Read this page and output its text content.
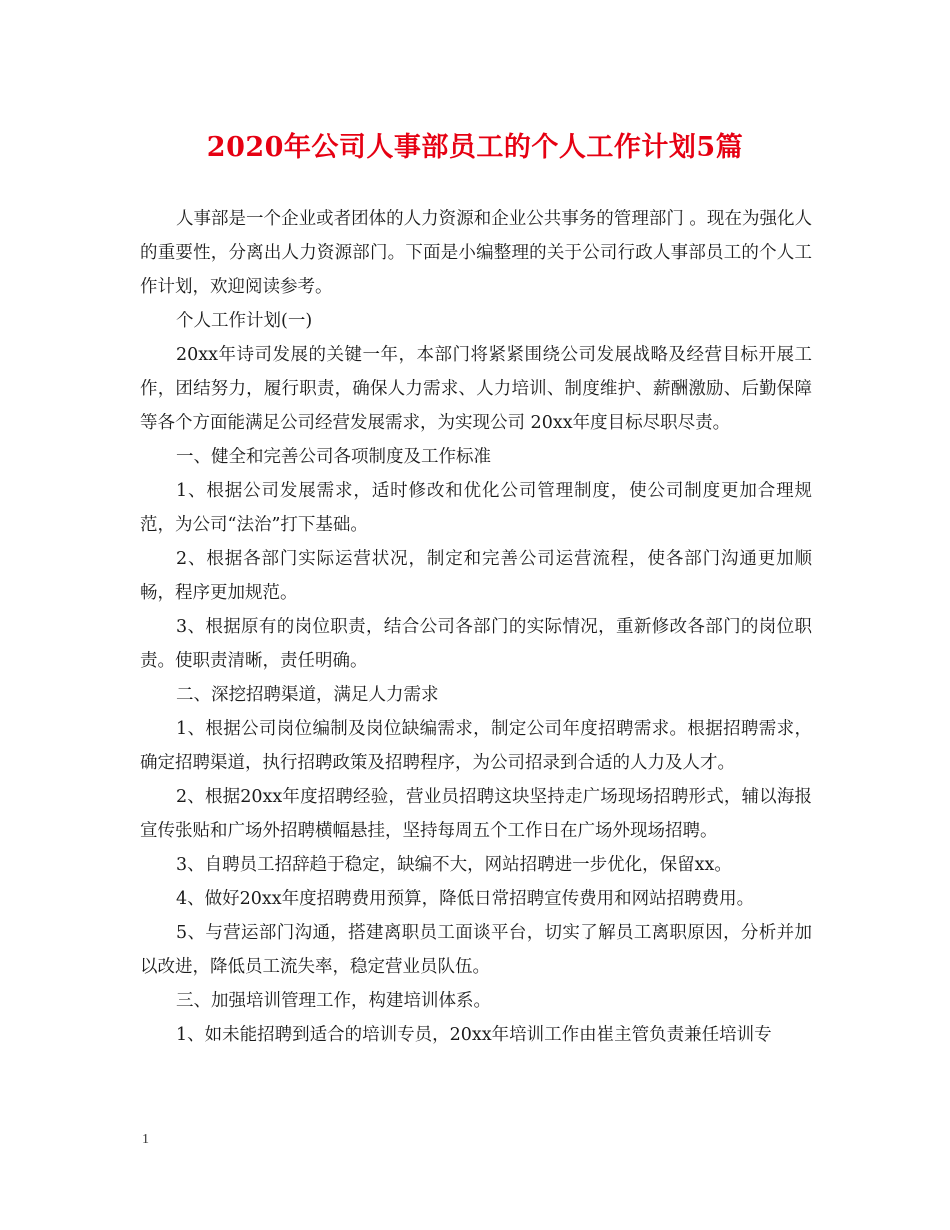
2020年公司人事部员工的个人工作计划5篇

人事部是一个企业或者团体的人力资源和企业公共事务的管理部门 。现在为强化人的重要性，分离出人力资源部门。下面是小编整理的关于公司行政人事部员工的个人工作计划，欢迎阅读参考。

个人工作计划(一)

20xx年诗司发展的关键一年，本部门将紧紧围绕公司发展战略及经营目标开展工作，团结努力，履行职责，确保人力需求、人力培训、制度维护、薪酬激励、后勤保障等各个方面能满足公司经营发展需求，为实现公司 20xx年度目标尽职尽责。

一、健全和完善公司各项制度及工作标准

1、根据公司发展需求，适时修改和优化公司管理制度，使公司制度更加合理规范，为公司“法治”打下基础。

2、根据各部门实际运营状况，制定和完善公司运营流程，使各部门沟通更加顺畅，程序更加规范。

3、根据原有的岗位职责，结合公司各部门的实际情况，重新修改各部门的岗位职责。使职责清晰，责任明确。

二、深挖招聘渠道，满足人力需求

1、根据公司岗位编制及岗位缺编需求，制定公司年度招聘需求。根据招聘需求，确定招聘渠道，执行招聘政策及招聘程序，为公司招录到合适的人力及人才。

2、根据20xx年度招聘经验，营业员招聘这块坚持走广场现场招聘形式，辅以海报宣传张贴和广场外招聘横幅悬挂，坚持每周五个工作日在广场外现场招聘。

3、自聘员工招辞趋于稳定，缺编不大，网站招聘进一步优化，保留xx。

4、做好20xx年度招聘费用预算，降低日常招聘宣传费用和网站招聘费用。

5、与营运部门沟通，搭建离职员工面谈平台，切实了解员工离职原因，分析并加以改进，降低员工流失率，稳定营业员队伍。

三、加强培训管理工作，构建培训体系。

1、如未能招聘到适合的培训专员，20xx年培训工作由崔主管负责兼任培训专

1
